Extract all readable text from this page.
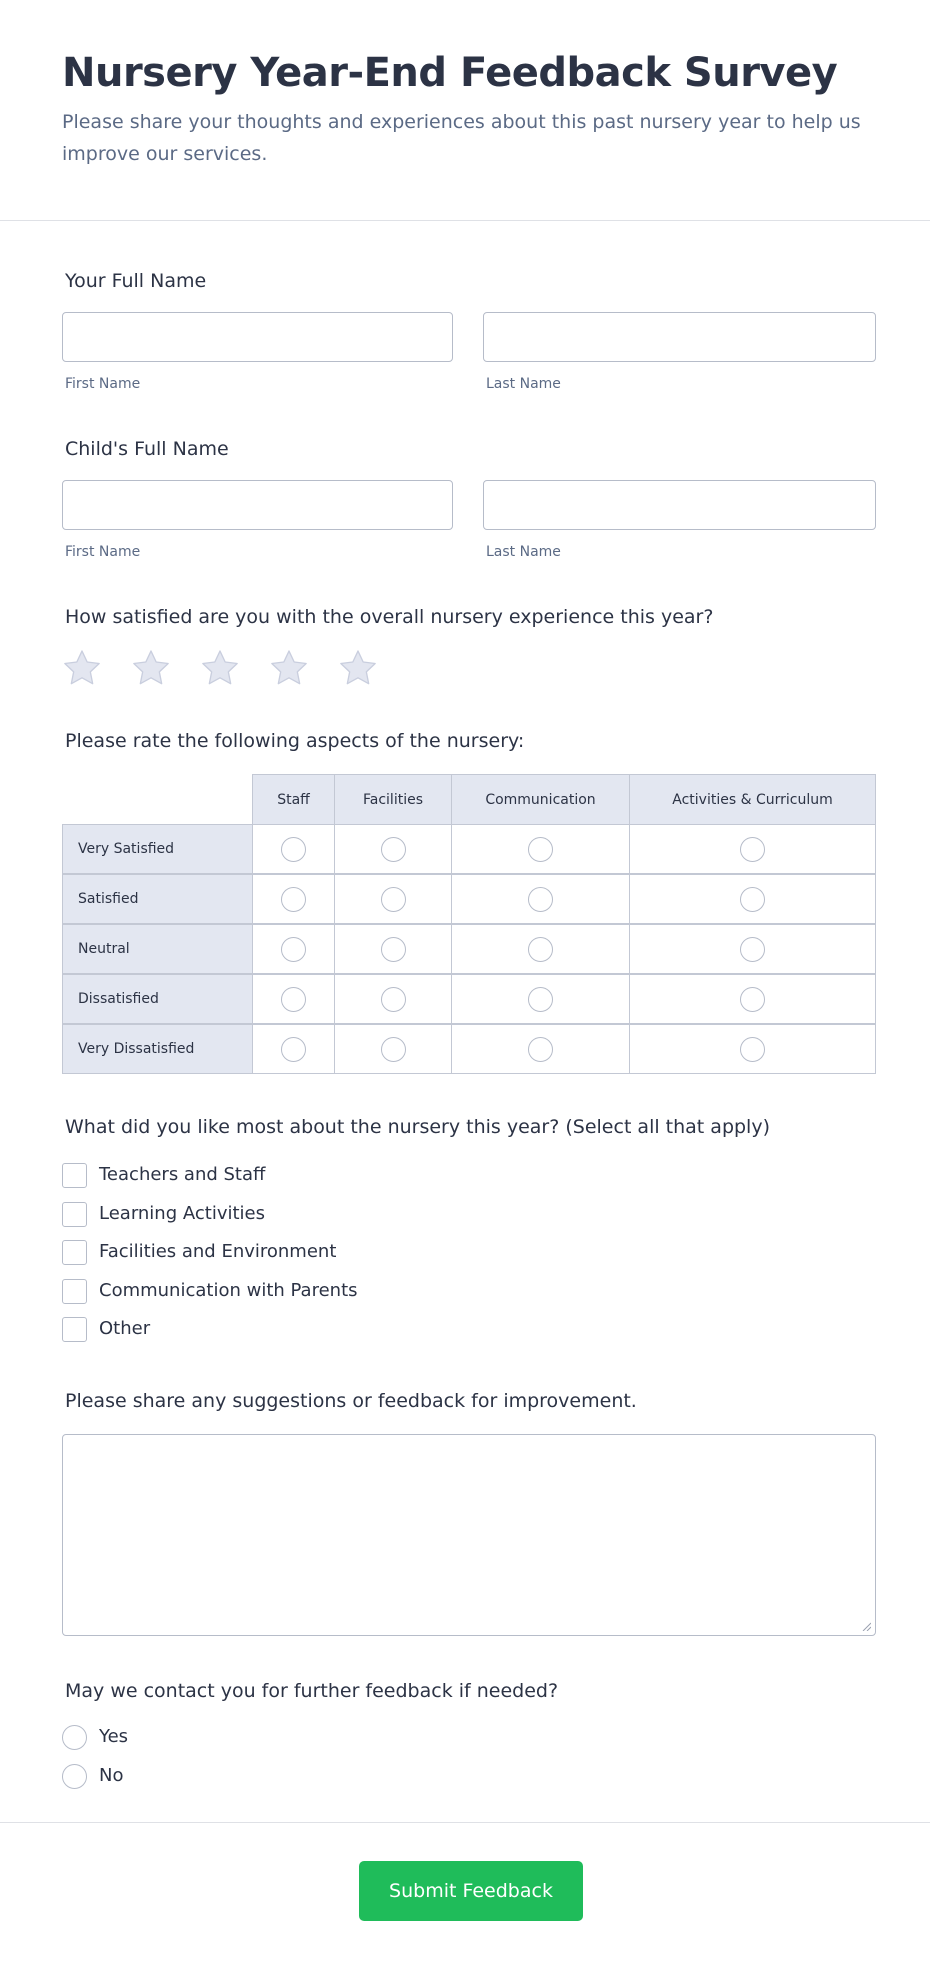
Nursery Year-End Feedback Survey

Please share your thoughts and experiences about this past nursery year to help us improve our services.

Your Full Name
First Name	Last Name
Child's Full Name
First Name	Last Name
How satisfied are you with the overall nursery experience this year?
Please rate the following aspects of the nursery:
Staff	Facilities	Communication	Activities & Curriculum
Very Satisfied
Satisfied
Neutral
Dissatisfied
Very Dissatisfied
What did you like most about the nursery this year? (Select all that apply)
Teachers and Staff
Learning Activities
Facilities and Environment
Communication with Parents
Other
Please share any suggestions or feedback for improvement.
May we contact you for further feedback if needed?
Yes
No
Submit Feedback
